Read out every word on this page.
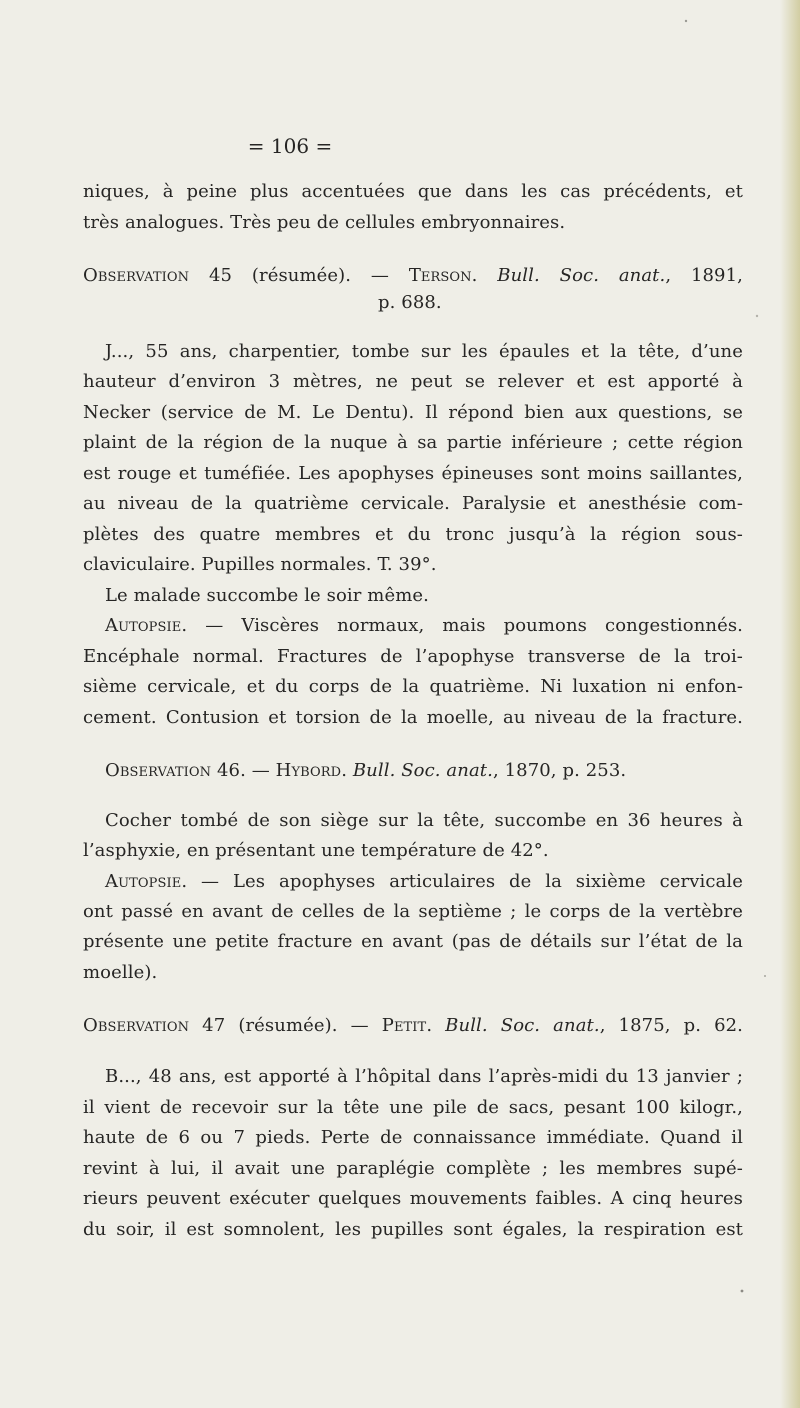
= 106 =
niques, à peine plus accentuées que dans les cas précédents, et
très analogues. Très peu de cellules embryonnaires.
Observation 45 (résumée). — Terson. Bull. Soc. anat., 1891,
p. 688.
J..., 55 ans, charpentier, tombe sur les épaules et la tête, d’une
hauteur d’environ 3 mètres, ne peut se relever et est apporté à
Necker (service de M. Le Dentu). Il répond bien aux questions, se
plaint de la région de la nuque à sa partie inférieure ; cette région
est rouge et tuméfiée. Les apophyses épineuses sont moins saillantes,
au niveau de la quatrième cervicale. Paralysie et anesthésie com-
plètes des quatre membres et du tronc jusqu’à la région sous-
claviculaire. Pupilles normales. T. 39°.
Le malade succombe le soir même.
Autopsie. — Viscères normaux, mais poumons congestionnés.
Encéphale normal. Fractures de l’apophyse transverse de la troi-
sième cervicale, et du corps de la quatrième. Ni luxation ni enfon-
cement. Contusion et torsion de la moelle, au niveau de la fracture.
Observation 46. — Hybord. Bull. Soc. anat., 1870, p. 253.
Cocher tombé de son siège sur la tête, succombe en 36 heures à
l’asphyxie, en présentant une température de 42°.
Autopsie. — Les apophyses articulaires de la sixième cervicale
ont passé en avant de celles de la septième ; le corps de la vertèbre
présente une petite fracture en avant (pas de détails sur l’état de la
moelle).
Observation 47 (résumée). — Petit. Bull. Soc. anat., 1875, p. 62.
B..., 48 ans, est apporté à l’hôpital dans l’après-midi du 13 janvier ;
il vient de recevoir sur la tête une pile de sacs, pesant 100 kilogr.,
haute de 6 ou 7 pieds. Perte de connaissance immédiate. Quand il
revint à lui, il avait une paraplégie complète ; les membres supé-
rieurs peuvent exécuter quelques mouvements faibles. A cinq heures
du soir, il est somnolent, les pupilles sont égales, la respiration est
